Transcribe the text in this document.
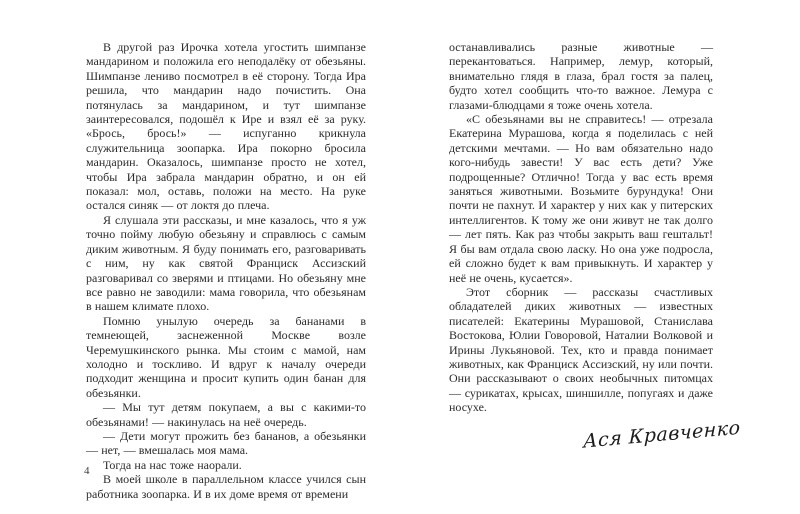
В другой раз Ирочка хотела угостить шимпанзе мандарином и положила его неподалёку от обезьяны. Шимпанзе лениво посмотрел в её сторону. Тогда Ира решила, что мандарин надо почистить. Она потянулась за мандарином, и тут шимпанзе заинтересовался, подошёл к Ире и взял её за руку. «Брось, брось!» — испуганно крикнула служительница зоопарка. Ира покорно бросила мандарин. Оказалось, шимпанзе просто не хотел, чтобы Ира забрала мандарин обратно, и он ей показал: мол, оставь, положи на место. На руке остался синяк — от локтя до плеча.

Я слушала эти рассказы, и мне казалось, что я уж точно пойму любую обезьяну и справлюсь с самым диким животным. Я буду понимать его, разговаривать с ним, ну как святой Франциск Ассизский разговаривал со зверями и птицами. Но обезьяну мне все равно не заводили: мама говорила, что обезьянам в нашем климате плохо.

Помню унылую очередь за бананами в темнеющей, заснеженной Москве возле Черемушкинского рынка. Мы стоим с мамой, нам холодно и тоскливо. И вдруг к началу очереди подходит женщина и просит купить один банан для обезьянки.

— Мы тут детям покупаем, а вы с какими-то обезьянами! — накинулась на неё очередь.

— Дети могут прожить без бананов, а обезьянки — нет, — вмешалась моя мама.

Тогда на нас тоже наорали.

В моей школе в параллельном классе учился сын работника зоопарка. И в их доме время от времени

останавливались разные животные — перекантоваться. Например, лемур, который, внимательно глядя в глаза, брал гостя за палец, будто хотел сообщить что-то важное. Лемура с глазами-блюдцами я тоже очень хотела.

«С обезьянами вы не справитесь! — отрезала Екатерина Мурашова, когда я поделилась с ней детскими мечтами. — Но вам обязательно надо кого-нибудь завести! У вас есть дети? Уже подрощенные? Отлично! Тогда у вас есть время заняться животными. Возьмите бурундука! Они почти не пахнут. И характер у них как у питерских интеллигентов. К тому же они живут не так долго — лет пять. Как раз чтобы закрыть ваш гештальт! Я бы вам отдала свою ласку. Но она уже подросла, ей сложно будет к вам привыкнуть. И характер у неё не очень, кусается».

Этот сборник — рассказы счастливых обладателей диких животных — известных писателей: Екатерины Мурашовой, Станислава Востокова, Юлии Говоровой, Наталии Волковой и Ирины Лукьяновой. Тех, кто и правда понимает животных, как Франциск Ассизский, ну или почти. Они рассказывают о своих необычных питомцах — сурикатах, крысах, шиншилле, попугаях и даже носухе.

4
Ася Кравченко
